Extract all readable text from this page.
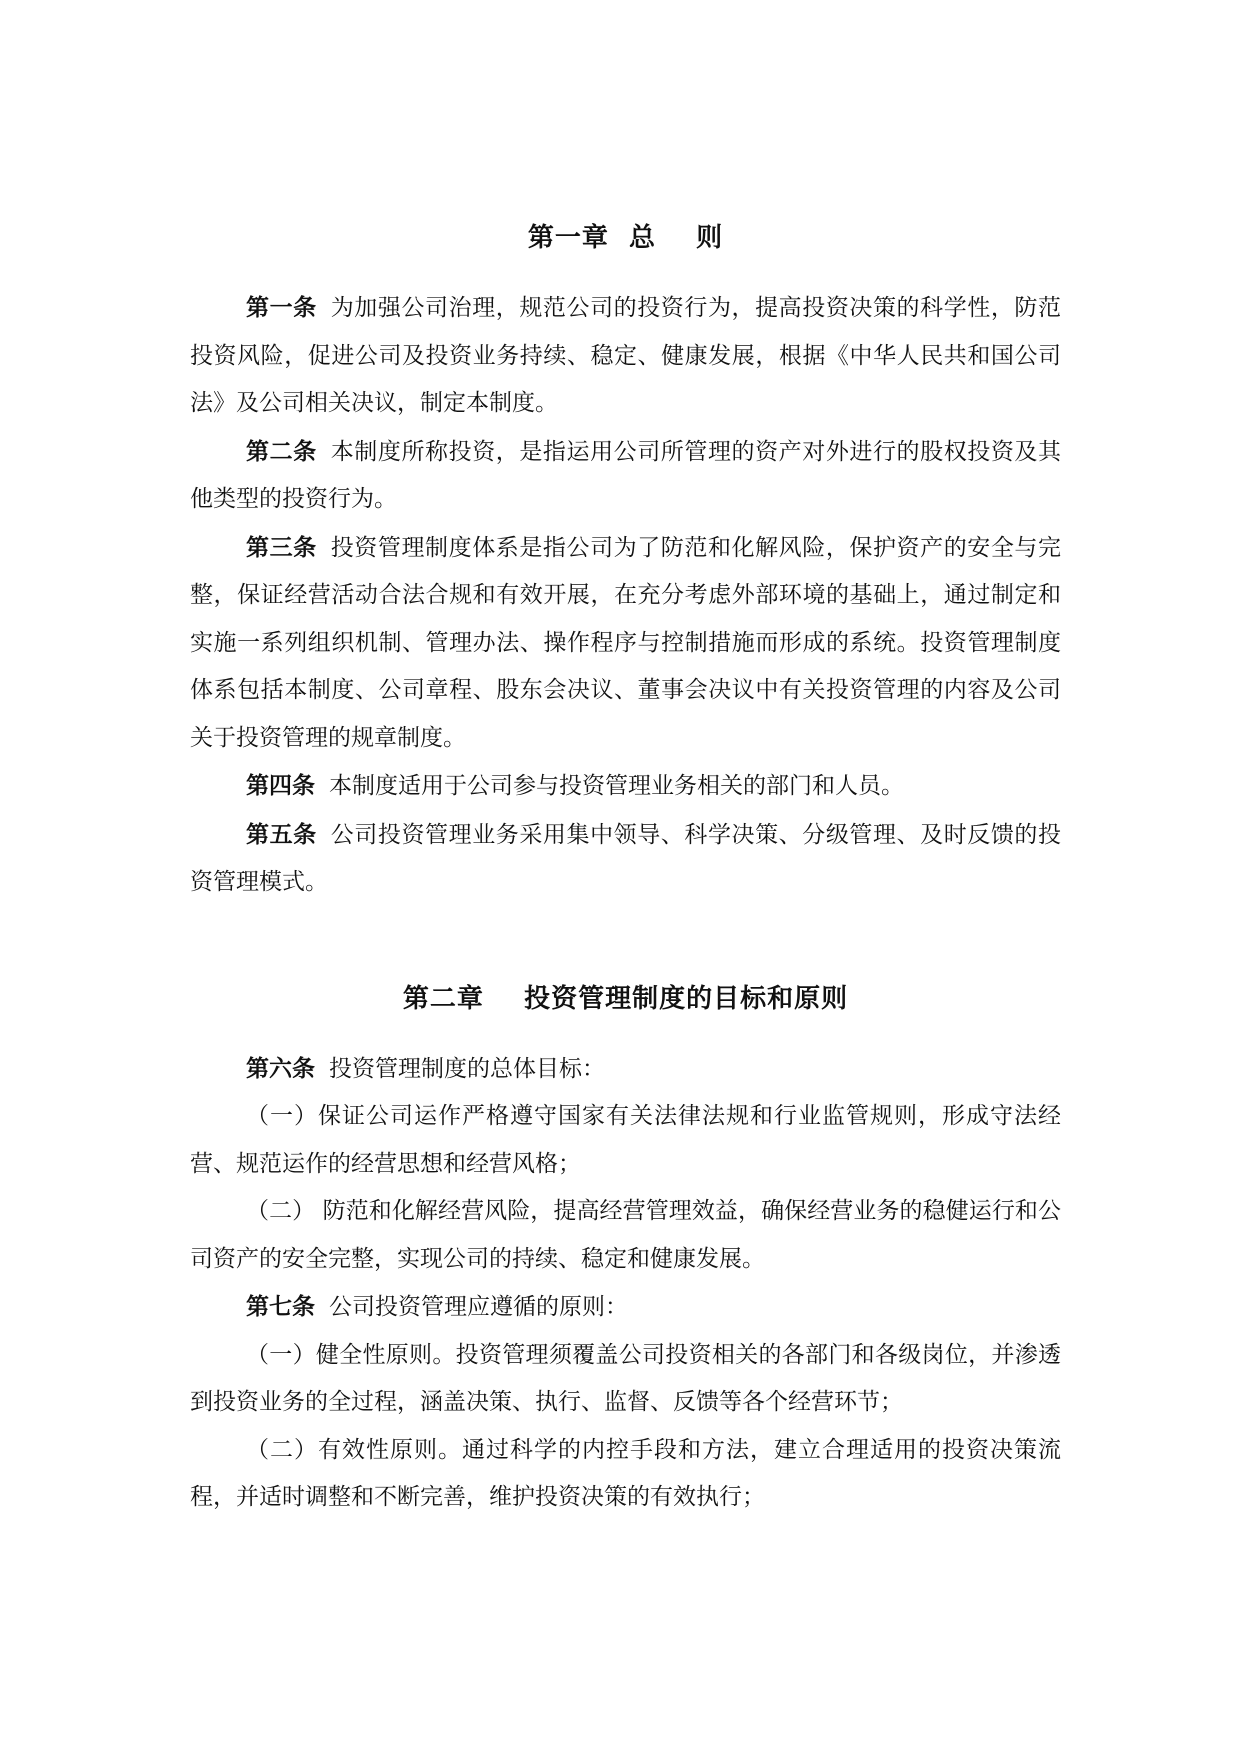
第一章  总    则

第一条 为加强公司治理，规范公司的投资行为，提高投资决策的科学性，防范投资风险，促进公司及投资业务持续、稳定、健康发展，根据《中华人民共和国公司法》及公司相关决议，制定本制度。

第二条 本制度所称投资，是指运用公司所管理的资产对外进行的股权投资及其他类型的投资行为。

第三条 投资管理制度体系是指公司为了防范和化解风险，保护资产的安全与完整，保证经营活动合法合规和有效开展，在充分考虑外部环境的基础上，通过制定和实施一系列组织机制、管理办法、操作程序与控制措施而形成的系统。投资管理制度体系包括本制度、公司章程、股东会决议、董事会决议中有关投资管理的内容及公司关于投资管理的规章制度。

第四条 本制度适用于公司参与投资管理业务相关的部门和人员。

第五条 公司投资管理业务采用集中领导、科学决策、分级管理、及时反馈的投资管理模式。

第二章    投资管理制度的目标和原则

第六条 投资管理制度的总体目标：

（一）保证公司运作严格遵守国家有关法律法规和行业监管规则，形成守法经营、规范运作的经营思想和经营风格；

（二） 防范和化解经营风险，提高经营管理效益，确保经营业务的稳健运行和公司资产的安全完整，实现公司的持续、稳定和健康发展。

第七条 公司投资管理应遵循的原则：

（一）健全性原则。投资管理须覆盖公司投资相关的各部门和各级岗位，并渗透到投资业务的全过程，涵盖决策、执行、监督、反馈等各个经营环节；

（二）有效性原则。通过科学的内控手段和方法，建立合理适用的投资决策流程，并适时调整和不断完善，维护投资决策的有效执行；
